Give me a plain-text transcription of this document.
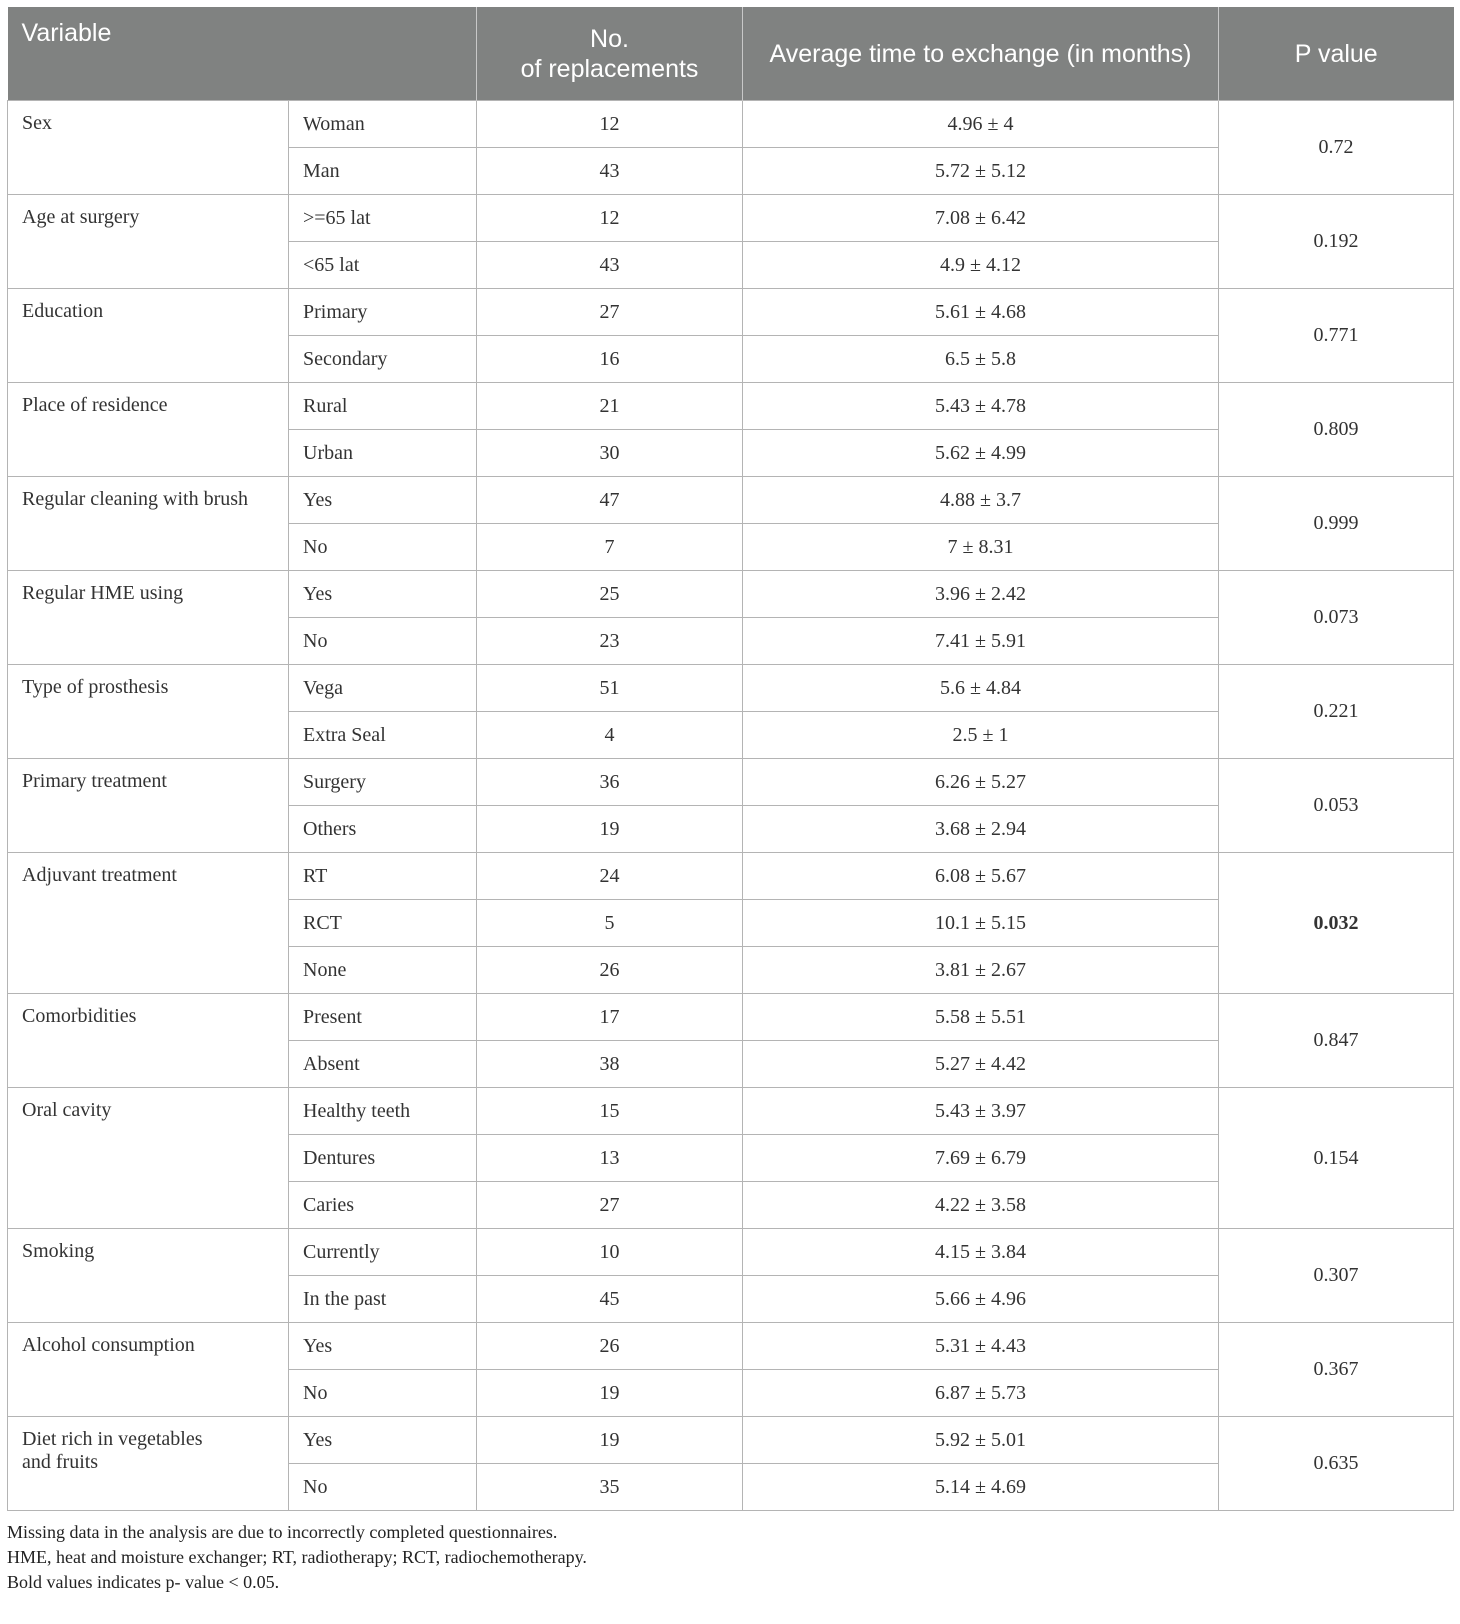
Variable		No.
of replacements	Average time to exchange (in months)	P value

Sex	Woman	12	4.96 ± 4	0.72
	Man	43	5.72 ± 5.12	

Age at surgery	>=65 lat	12	7.08 ± 6.42	0.192
	<65 lat	43	4.9 ± 4.12	

Education	Primary	27	5.61 ± 4.68	0.771
	Secondary	16	6.5 ± 5.8	

Place of residence	Rural	21	5.43 ± 4.78	0.809
	Urban	30	5.62 ± 4.99	

Regular cleaning with brush	Yes	47	4.88 ± 3.7	0.999
	No	7	7 ± 8.31	

Regular HME using	Yes	25	3.96 ± 2.42	0.073
	No	23	7.41 ± 5.91	

Type of prosthesis	Vega	51	5.6 ± 4.84	0.221
	Extra Seal	4	2.5 ± 1	

Primary treatment	Surgery	36	6.26 ± 5.27	0.053
	Others	19	3.68 ± 2.94	

Adjuvant treatment	RT	24	6.08 ± 5.67	0.032
	RCT	5	10.1 ± 5.15	
	None	26	3.81 ± 2.67	

Comorbidities	Present	17	5.58 ± 5.51	0.847
	Absent	38	5.27 ± 4.42	

Oral cavity	Healthy teeth	15	5.43 ± 3.97	0.154
	Dentures	13	7.69 ± 6.79	
	Caries	27	4.22 ± 3.58	

Smoking	Currently	10	4.15 ± 3.84	0.307
	In the past	45	5.66 ± 4.96	

Alcohol consumption	Yes	26	5.31 ± 4.43	0.367
	No	19	6.87 ± 5.73	

Diet rich in vegetables
and fruits	Yes	19	5.92 ± 5.01	0.635
	No	35	5.14 ± 4.69	
Missing data in the analysis are due to incorrectly completed questionnaires.
HME, heat and moisture exchanger; RT, radiotherapy; RCT, radiochemotherapy.
Bold values indicates p- value < 0.05.
